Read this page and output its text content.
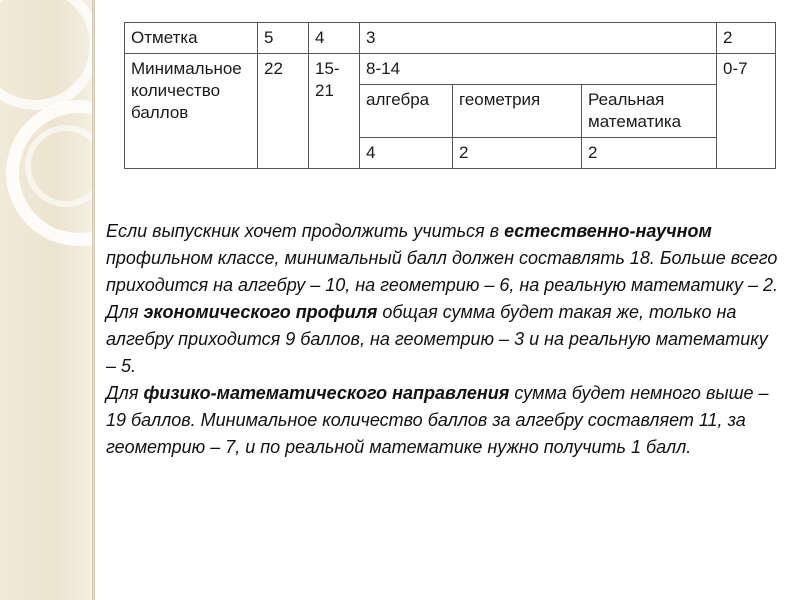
Отметка	5	4	3			2
Минимальное количество баллов	22	15-21	8-14			0-7
			алгебра	геометрия	Реальная математика	
			4	2	2	

Если выпускник хочет продолжить учиться в естественно-научном профильном классе, минимальный балл должен составлять 18. Больше всего приходится на алгебру – 10, на геометрию – 6, на реальную математику – 2.

Для экономического профиля общая сумма будет такая же, только на алгебру приходится 9 баллов, на геометрию – 3 и на реальную математику – 5.

Для физико-математического направления сумма будет немного выше – 19 баллов. Минимальное количество баллов за алгебру составляет 11, за геометрию – 7, и по реальной математике нужно получить 1 балл.
